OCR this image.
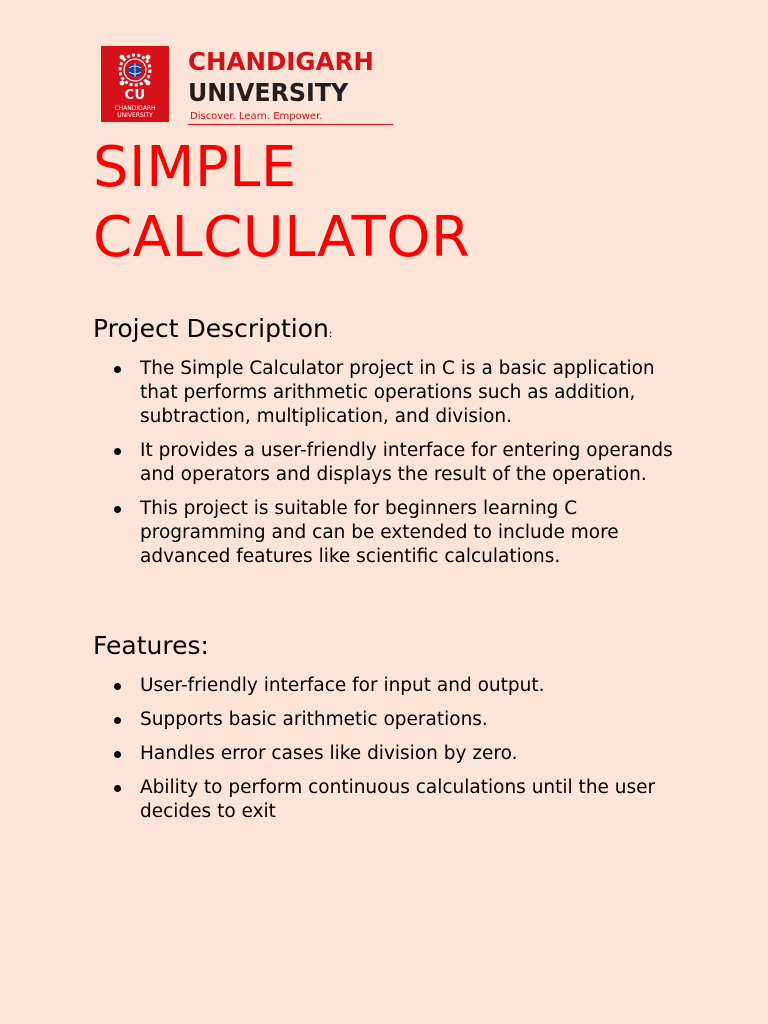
CU
CHANDIGARH
UNIVERSITY
CHANDIGARH
UNIVERSITY
Discover. Learn. Empower.
SIMPLE
CALCULATOR
Project Description:
The Simple Calculator project in C is a basic application that performs arithmetic operations such as addition, subtraction, multiplication, and division.
It provides a user-friendly interface for entering operands and operators and displays the result of the operation.
This project is suitable for beginners learning C programming and can be extended to include more advanced features like scientific calculations.
Features:
User-friendly interface for input and output.
Supports basic arithmetic operations.
Handles error cases like division by zero.
Ability to perform continuous calculations until the user decides to exit
